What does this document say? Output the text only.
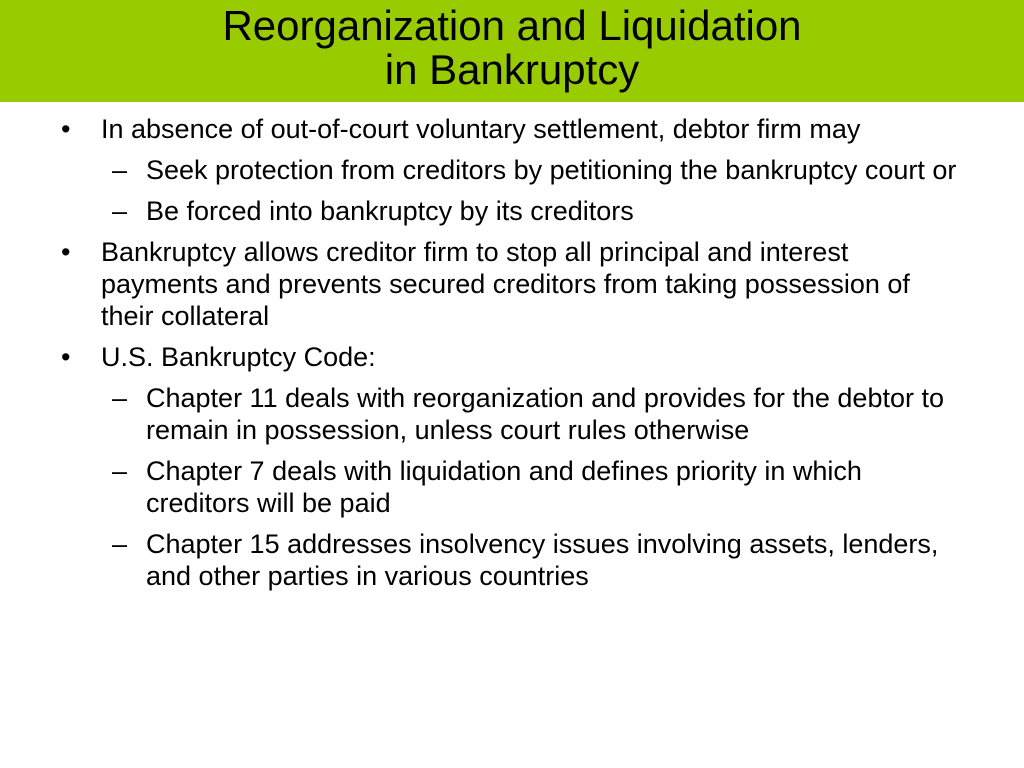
Reorganization and Liquidation
in Bankruptcy
• In absence of out-of-court voluntary settlement, debtor firm may
– Seek protection from creditors by petitioning the bankruptcy court or
– Be forced into bankruptcy by its creditors
• Bankruptcy allows creditor firm to stop all principal and interest payments and prevents secured creditors from taking possession of their collateral
• U.S. Bankruptcy Code:
– Chapter 11 deals with reorganization and provides for the debtor to remain in possession, unless court rules otherwise
– Chapter 7 deals with liquidation and defines priority in which creditors will be paid
– Chapter 15 addresses insolvency issues involving assets, lenders, and other parties in various countries
